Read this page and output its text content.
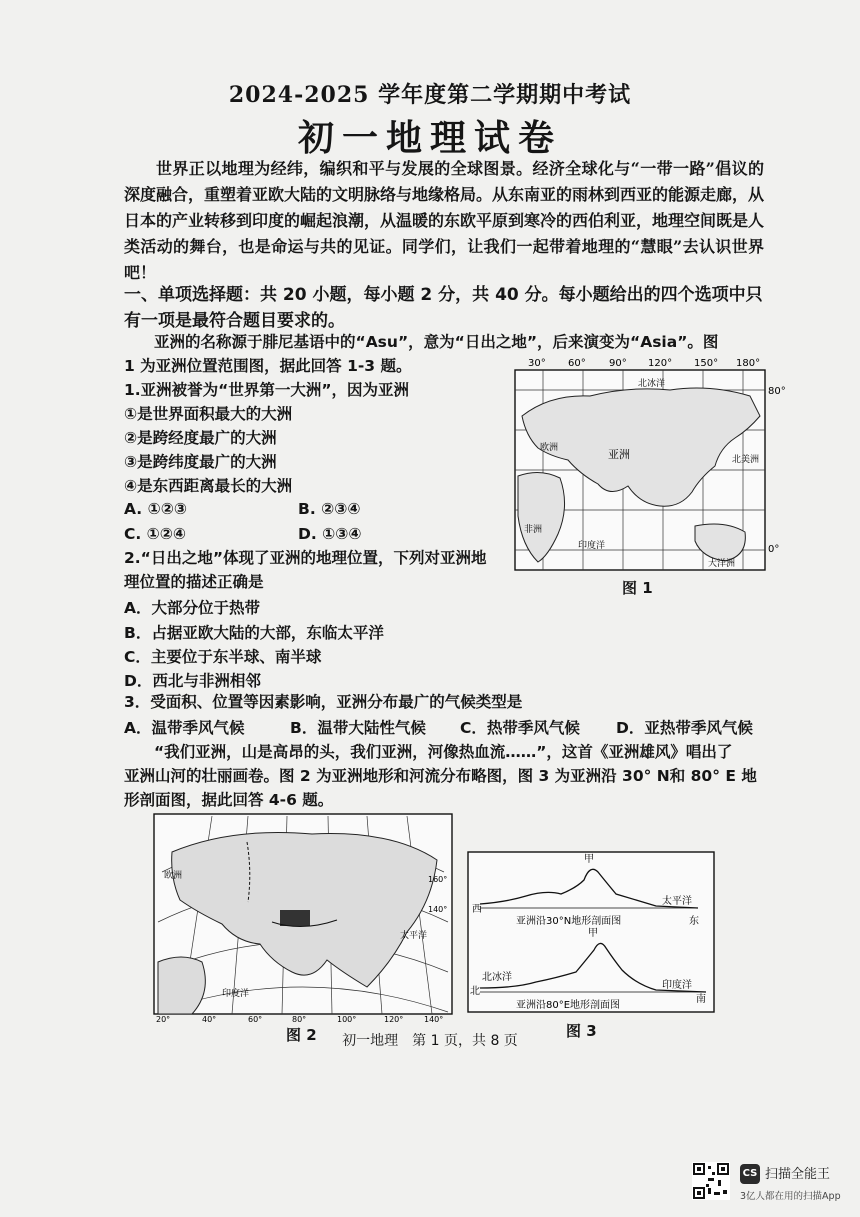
2024-2025 学年度第二学期期中考试
初一地理试卷
世界正以地理为经纬，编织和平与发展的全球图景。经济全球化与“一带一路”倡议的深度融合，重塑着亚欧大陆的文明脉络与地缘格局。从东南亚的雨林到西亚的能源走廊，从日本的产业转移到印度的崛起浪潮，从温暖的东欧平原到寒冷的西伯利亚，地理空间既是人类活动的舞台，也是命运与共的见证。同学们，让我们一起带着地理的“慧眼”去认识世界吧！
一、单项选择题：共 20 小题，每小题 2 分，共 40 分。每小题给出的四个选项中只有一项是最符合题目要求的。
亚洲的名称源于腓尼基语中的“Asu”，意为“日出之地”，后来演变为“Asia”。图
1 为亚洲位置范围图，据此回答 1-3 题。
1.亚洲被誉为“世界第一大洲”，因为亚洲
①是世界面积最大的大洲
②是跨经度最广的大洲
③是跨纬度最广的大洲
④是东西距离最长的大洲
A. ①②③	B. ②③④
C. ①②④	D. ①③④
2.“日出之地”体现了亚洲的地理位置，下列对亚洲地
理位置的描述正确是
A．大部分位于热带
B．占据亚欧大陆的大部，东临太平洋
C．主要位于东半球、南半球
D．西北与非洲相邻
3．受面积、位置等因素影响，亚洲分布最广的气候类型是
A．温带季风气候	B．温带大陆性气候 C．热带季风气候 D．亚热带季风气候
“我们亚洲，山是高昂的头，我们亚洲，河像热血流……”，这首《亚洲雄风》唱出了
亚洲山河的壮丽画卷。图 2 为亚洲地形和河流分布略图，图 3 为亚洲沿 30° N和 80° E 地
形剖面图，据此回答 4-6 题。
30° 60° 90° 120° 150° 180°
北冰洋
欧洲	亚洲	北美洲
非洲
印度洋
大洋洲
80°
0°
图 1
欧洲
太平洋
印度洋
20°	40°	60°	80°	100°	120°	140°
160°
140°
图 2
甲
西
东
太平洋
亚洲沿30°N地形剖面图
甲
北
南
北冰洋
印度洋
亚洲沿80°E地形剖面图
图 3
初一地理　第 1 页，共 8 页
CS 扫描全能王
3亿人都在用的扫描App
